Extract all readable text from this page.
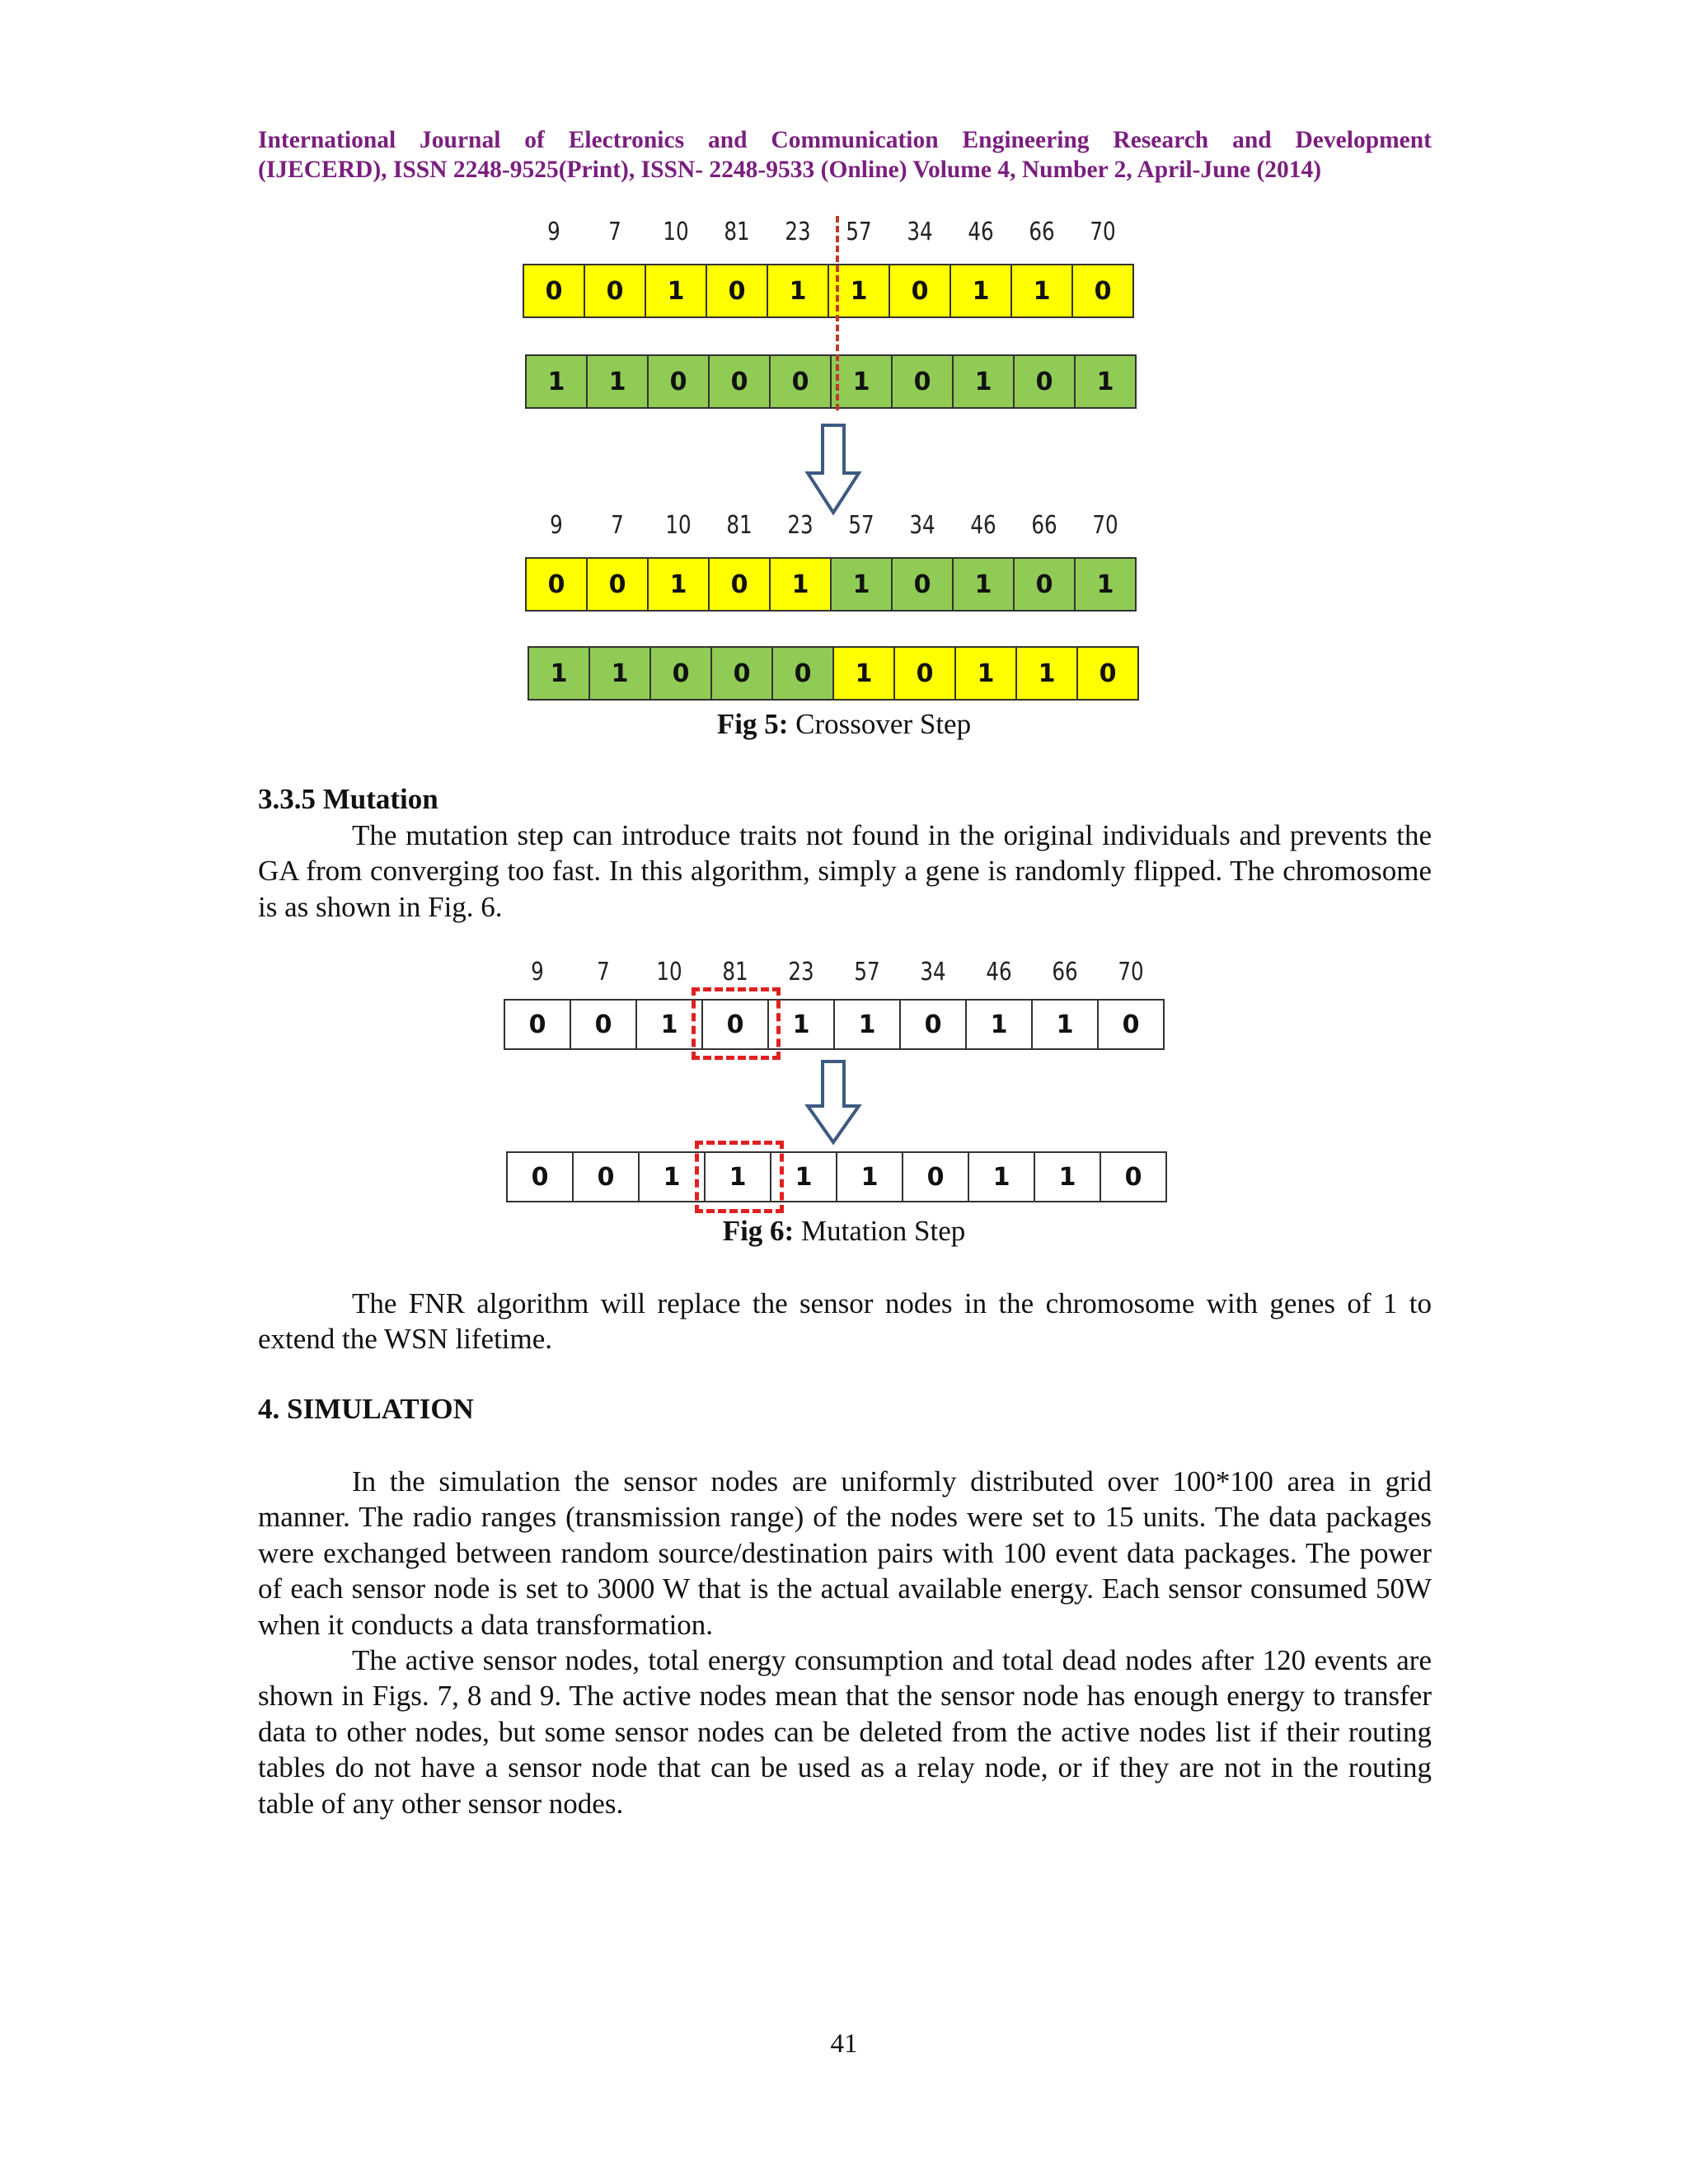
International Journal of Electronics and Communication Engineering Research and Development
(IJECERD), ISSN 2248-9525(Print), ISSN- 2248-9533 (Online) Volume 4, Number 2, April-June (2014)
9	7	10	81	23	57	34	46	66	70
0	0	1	0	1	1	0	1	1	0
1	1	0	0	0	1	0	1	0	1
9	7	10	81	23	57	34	46	66	70
0	0	1	0	1	1	0	1	0	1
1	1	0	0	0	1	0	1	1	0
Fig 5: Crossover Step
3.3.5 Mutation

The mutation step can introduce traits not found in the original individuals and prevents the GA from converging too fast. In this algorithm, simply a gene is randomly flipped. The chromosome is as shown in Fig. 6.

9	7	10	81	23	57	34	46	66	70
0	0	1	0	1	1	0	1	1	0
0	0	1	1	1	1	0	1	1	0
Fig 6: Mutation Step

The FNR algorithm will replace the sensor nodes in the chromosome with genes of 1 to extend the WSN lifetime.

4. SIMULATION

In the simulation the sensor nodes are uniformly distributed over 100*100 area in grid manner. The radio ranges (transmission range) of the nodes were set to 15 units. The data packages were exchanged between random source/destination pairs with 100 event data packages. The power of each sensor node is set to 3000 W that is the actual available energy. Each sensor consumed 50W when it conducts a data transformation.

The active sensor nodes, total energy consumption and total dead nodes after 120 events are shown in Figs. 7, 8 and 9. The active nodes mean that the sensor node has enough energy to transfer data to other nodes, but some sensor nodes can be deleted from the active nodes list if their routing tables do not have a sensor node that can be used as a relay node, or if they are not in the routing table of any other sensor nodes.

41
